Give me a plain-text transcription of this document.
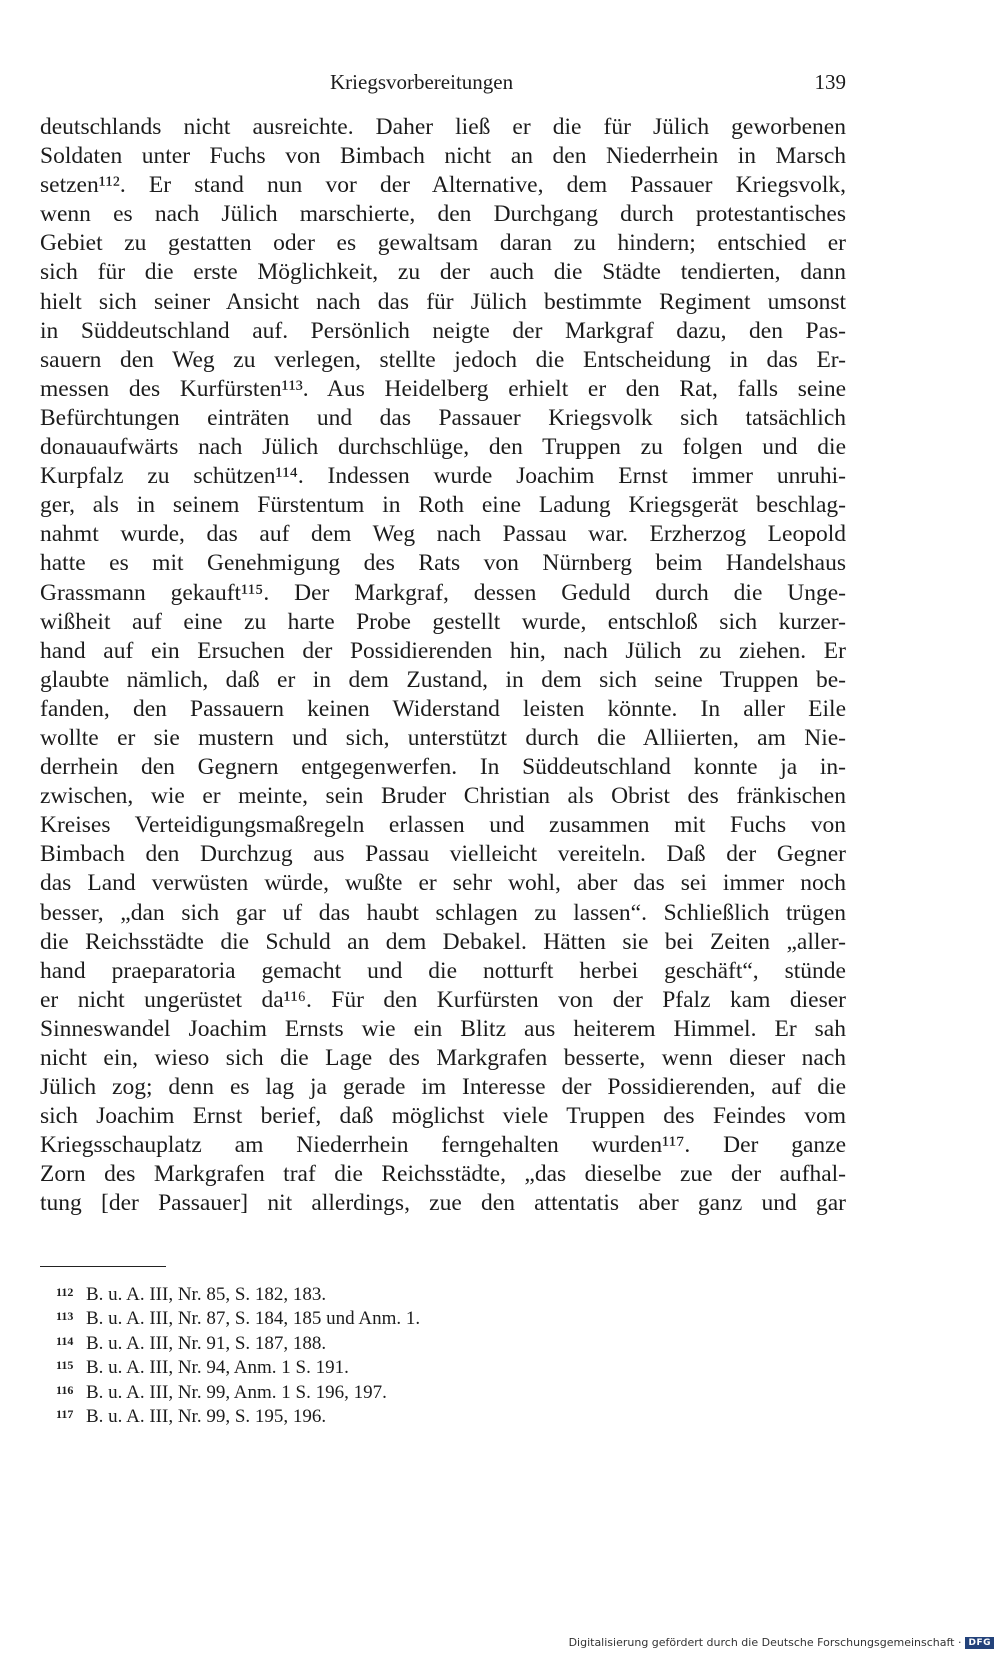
Kriegsvorbereitungen	139
deutschlands nicht ausreichte. Daher ließ er die für Jülich geworbenen
Soldaten unter Fuchs von Bimbach nicht an den Niederrhein in Marsch
setzen¹¹². Er stand nun vor der Alternative, dem Passauer Kriegsvolk,
wenn es nach Jülich marschierte, den Durchgang durch protestantisches
Gebiet zu gestatten oder es gewaltsam daran zu hindern; entschied er
sich für die erste Möglichkeit, zu der auch die Städte tendierten, dann
hielt sich seiner Ansicht nach das für Jülich bestimmte Regiment umsonst
in Süddeutschland auf. Persönlich neigte der Markgraf dazu, den Pas-
sauern den Weg zu verlegen, stellte jedoch die Entscheidung in das Er-
messen des Kurfürsten¹¹³. Aus Heidelberg erhielt er den Rat, falls seine
Befürchtungen einträten und das Passauer Kriegsvolk sich tatsächlich
donauaufwärts nach Jülich durchschlüge, den Truppen zu folgen und die
Kurpfalz zu schützen¹¹⁴. Indessen wurde Joachim Ernst immer unruhi-
ger, als in seinem Fürstentum in Roth eine Ladung Kriegsgerät beschlag-
nahmt wurde, das auf dem Weg nach Passau war. Erzherzog Leopold
hatte es mit Genehmigung des Rats von Nürnberg beim Handelshaus
Grassmann gekauft¹¹⁵. Der Markgraf, dessen Geduld durch die Unge-
wißheit auf eine zu harte Probe gestellt wurde, entschloß sich kurzer-
hand auf ein Ersuchen der Possidierenden hin, nach Jülich zu ziehen. Er
glaubte nämlich, daß er in dem Zustand, in dem sich seine Truppen be-
fanden, den Passauern keinen Widerstand leisten könnte. In aller Eile
wollte er sie mustern und sich, unterstützt durch die Alliierten, am Nie-
derrhein den Gegnern entgegenwerfen. In Süddeutschland konnte ja in-
zwischen, wie er meinte, sein Bruder Christian als Obrist des fränkischen
Kreises Verteidigungsmaßregeln erlassen und zusammen mit Fuchs von
Bimbach den Durchzug aus Passau vielleicht vereiteln. Daß der Gegner
das Land verwüsten würde, wußte er sehr wohl, aber das sei immer noch
besser, „dan sich gar uf das haubt schlagen zu lassen“. Schließlich trügen
die Reichsstädte die Schuld an dem Debakel. Hätten sie bei Zeiten „aller-
hand praeparatoria gemacht und die notturft herbei geschäft“, stünde
er nicht ungerüstet da¹¹⁶. Für den Kurfürsten von der Pfalz kam dieser
Sinneswandel Joachim Ernsts wie ein Blitz aus heiterem Himmel. Er sah
nicht ein, wieso sich die Lage des Markgrafen besserte, wenn dieser nach
Jülich zog; denn es lag ja gerade im Interesse der Possidierenden, auf die
sich Joachim Ernst berief, daß möglichst viele Truppen des Feindes vom
Kriegsschauplatz am Niederrhein ferngehalten wurden¹¹⁷. Der ganze
Zorn des Markgrafen traf die Reichsstädte, „das dieselbe zue der aufhal-
tung [der Passauer] nit allerdings, zue den attentatis aber ganz und gar
112 B. u. A. III, Nr. 85, S. 182, 183.
113 B. u. A. III, Nr. 87, S. 184, 185 und Anm. 1.
114 B. u. A. III, Nr. 91, S. 187, 188.
115 B. u. A. III, Nr. 94, Anm. 1 S. 191.
116 B. u. A. III, Nr. 99, Anm. 1 S. 196, 197.
117 B. u. A. III, Nr. 99, S. 195, 196.
Digitalisierung gefördert durch die Deutsche Forschungsgemeinschaft · DFG
